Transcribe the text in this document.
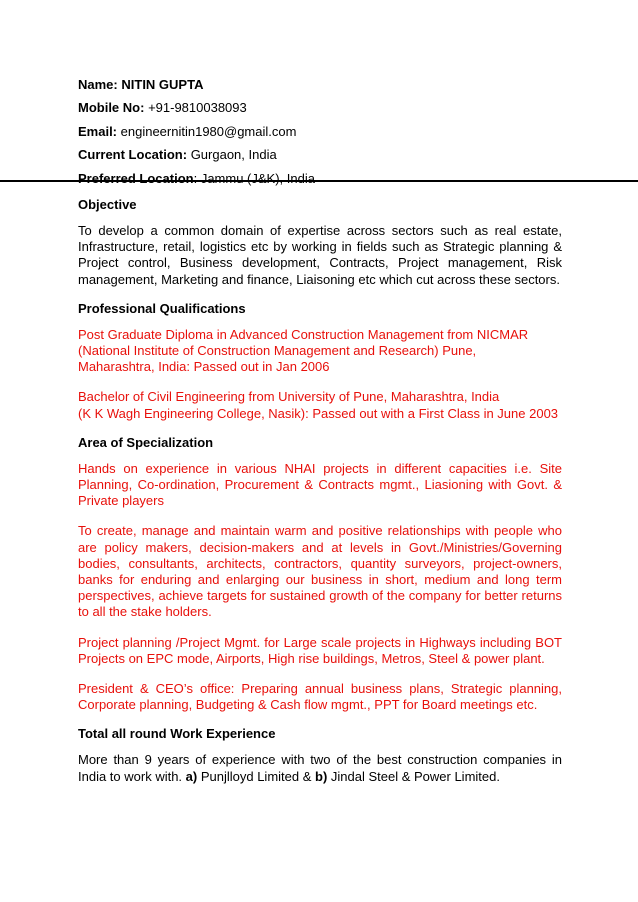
Name: NITIN GUPTA
Mobile No: +91-9810038093
Email: engineernitin1980@gmail.com
Current Location: Gurgaon, India
Preferred Location: Jammu (J&K), India
Objective

To develop a common domain of expertise across sectors such as real estate, Infrastructure, retail, logistics etc by working in fields such as Strategic planning & Project control, Business development, Contracts, Project management, Risk management, Marketing and finance, Liaisoning etc which cut across these sectors.

Professional Qualifications

Post Graduate Diploma in Advanced Construction Management from NICMAR

(National Institute of Construction Management and Research) Pune,

Maharashtra, India: Passed out in Jan 2006

Bachelor of Civil Engineering from University of Pune, Maharashtra, India

(K K Wagh Engineering College, Nasik): Passed out with a First Class in June 2003

Area of Specialization

Hands on experience in various NHAI projects in different capacities i.e. Site Planning, Co-ordination, Procurement & Contracts mgmt., Liasioning with Govt. & Private players

To create, manage and maintain warm and positive relationships with people who are policy makers, decision-makers and at levels in Govt./Ministries/Governing bodies, consultants, architects, contractors, quantity surveyors, project-owners, banks for enduring and enlarging our business in short, medium and long term perspectives, achieve targets for sustained growth of the company for better returns to all the stake holders.

Project planning /Project Mgmt. for Large scale projects in Highways including BOT Projects on EPC mode, Airports, High rise buildings, Metros, Steel & power plant.

President & CEO’s office: Preparing annual business plans, Strategic planning, Corporate planning, Budgeting & Cash flow mgmt., PPT for Board meetings etc.

Total all round Work Experience

More than 9 years of experience with two of the best construction companies in India to work with. a) Punjlloyd Limited & b) Jindal Steel & Power Limited.
